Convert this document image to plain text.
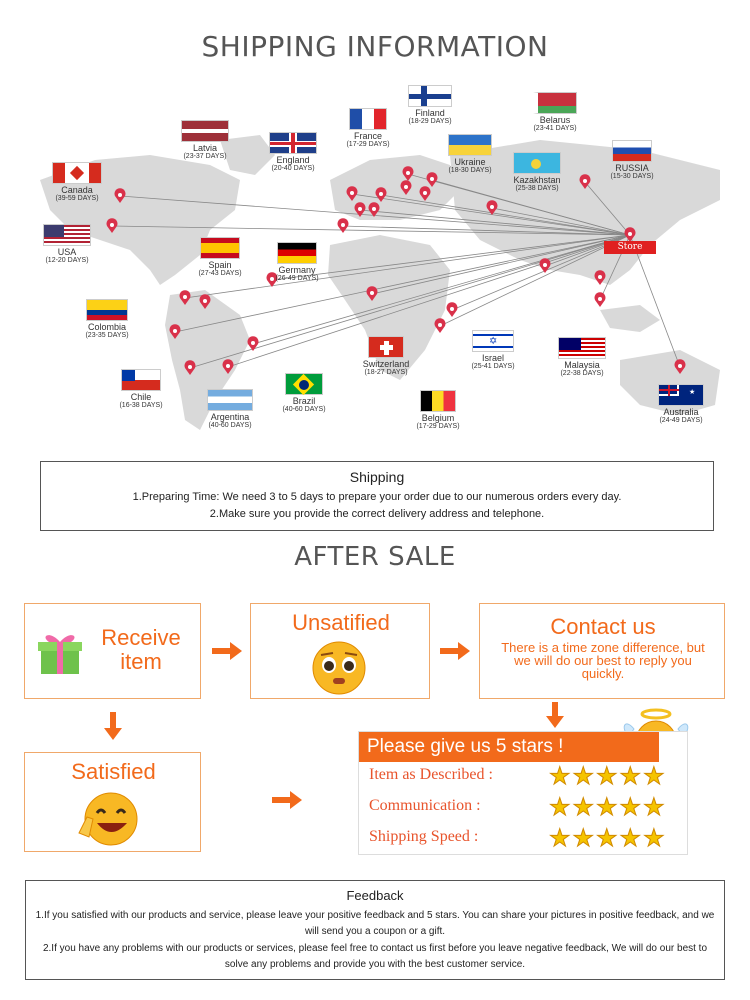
SHIPPING INFORMATION
Finland
(18-29 DAYS)	Belarus
(23-41 DAYS)
France
(17-29 DAYS)
Latvia
(23-37 DAYS)	England
(20-40 DAYS)
Ukraine
(18-30 DAYS)
Kazakhstan
(25-38 DAYS)
RUSSIA
(15-30 DAYS)
Canada
(39-59 DAYS)
USA
(12-20 DAYS)	Spain
(27-43 DAYS)	Germany
(26-49 DAYS)
Colombia
(23-35 DAYS)
Switzerland
(18-27 DAYS)
✡
Israel
(25-41 DAYS)	Malaysia
(22-38 DAYS)
Chile
(16-38 DAYS)
Argentina
(40-60 DAYS)
Brazil
(40-60 DAYS)
Belgium
(17-29 DAYS)
★
Australia
(24-49 DAYS)
Store
Shipping
1.Preparing Time: We need 3 to 5 days to prepare your order due to our numerous orders every day.
2.Make sure you provide the correct delivery address and telephone.
AFTER SALE
Receive item
Unsatified	Contact us
There is a time zone difference, but we will do our best to reply you quickly.
Satisfied
Please give us 5 stars !
Item as Described : ★★★★★
Communication :	★★★★★
Shipping Speed :	★★★★★
Feedback
1.If you satisfied with our products and service, please leave your positive feedback and 5 stars. You can share your pictures in positive feedback, and we will send you a coupon or a gift.
2.If you have any problems with our products or services, please feel free to contact us first before you leave negative feedback, We will do our best to solve any problems and provide you with the best customer service.
